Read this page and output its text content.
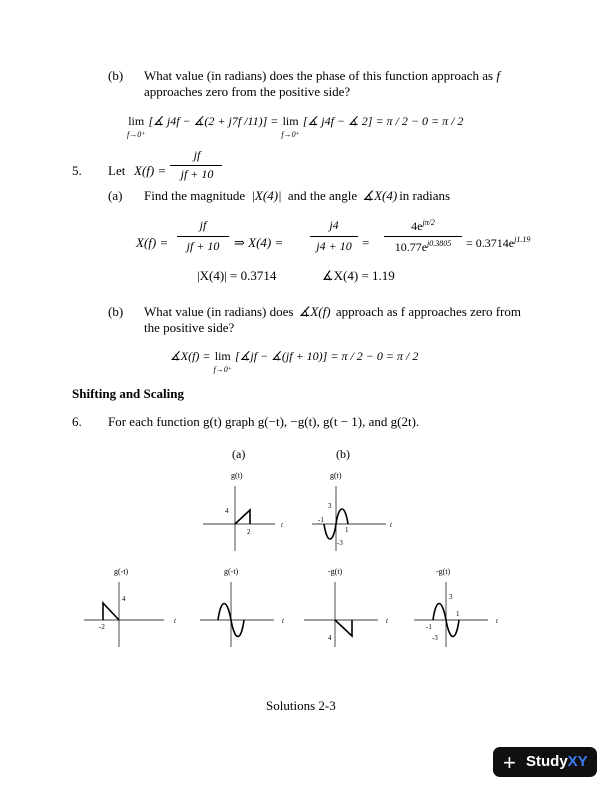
(b) What value (in radians) does the phase of this function approach as f
approaches zero from the positive side?
lim
$^{f\to 0^+}$ [∡ j4f − ∡(2 + j7f /11)] = lim
$^{f\to 0^+}$ [∡ j4f − ∡ 2] = π / 2 − 0 = π / 2
5. Let X(f) =
jf
jf + 10
(a) Find the magnitude |X(4)| and the angle ∡X(4) in radians
X(f) =
jf
jf + 10	⇒ X(4) =
j4
j4 + 10 =
$4e^{j\pi/2}$
$10.77e^{j0.3805}$	= $0.3714e^{j1.19}$
|X(4)| = 0.3714	∡X(4) = 1.19
(b) What value (in radians) does ∡X(f) approach as f approaches zero from
the positive side?
∡X(f) = lim
$^{f\to 0^+}$ [∡jf − ∡(jf + 10)] = π / 2 − 0 = π / 2
Shifting and Scaling
6. For each function g(t) graph g(−t), −g(t), g(t − 1), and g(2t).
(a)	(b)
g(t)
4
2
t
g(t)
3
-1
1
-3
t
g(-t)
4
-2
t
g(-t)
t
-g(t)
4
t
-g(t)
3
-1
1
-3
t
Solutions 2-3
+ StudyXY
